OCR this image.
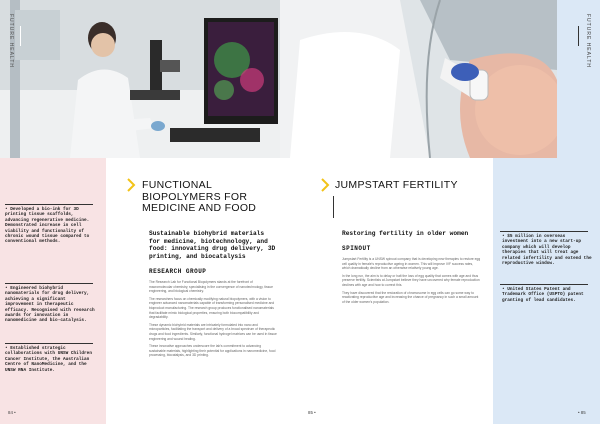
FUTURE HEALTH
FUTURE HEALTH
• Developed a bio-ink for 3D printing tissue scaffolds, advancing regenerative medicine. Demonstrated increase in cell viability and functionality of chronic wound tissue compared to conventional methods.
• Engineered biohybrid nanomaterials for drug delivery, achieving a significant improvement in therapeutic efficacy. Recognised with research awards for innovation in nanomedicine and bio-catalysis.
• Established strategic collaborations with UNSW Children Cancer Institute, the Australian Centre of NanoMedicine, and the UNSW RNA Institute.
• $5 million in overseas investment into a new start-up company which will develop therapies that will treat age related infertility and extend the reproductive window.
• United States Patent and Trademark Office (USPTO) patent granting of lead candidates.
FUNCTIONAL
BIOPOLYMERS FOR
MEDICINE AND FOOD
Sustainable biohybrid materials
for medicine, biotechnology, and
food: innovating drug delivery, 3D
printing, and biocatalysis
RESEARCH GROUP

The Research Lab for Functional Biopolymers stands at the forefront of macromolecular chemistry, specialising in the convergence of nanotechnology, tissue engineering, and biological chemistry.

The researchers focus on chemically modifying natural biopolymers, with a vision to engineer advanced nanomaterials capable of transforming personalised medicine and bioproduct manufacturing. The research group produces functionalised nanomaterials that facilitate mimic biological properties, ensuring both biocompatibility and degradability.

These dynamic biohybrid materials are intricately formulated into nano and microparticles, facilitating the transport and delivery of a broad spectrum of therapeutic drugs and food ingredients. Similarly, functional hydrogel matrices can be used in tissue engineering and wound healing.

These innovative approaches underscore the lab's commitment to advancing sustainable materials, highlighting their potential for applications in nanomedicine, food processing, biocatalysis, and 3D printing.

JUMPSTART FERTILITY
Restoring fertility in older women
SPINOUT

Jumpstart Fertility is a UNSW spinout company that is developing new therapies to restore egg cell quality in female's reproductive ageing in women. This will improve IVF success rates, which dramatically decline from an otherwise relatively young age.

In the long run, the aim is to delay or halt the loss of egg quality that comes with age and thus preserve fertility. Scientists at Jumpstart believe they have uncovered why female reproduction declines with age and how to correct this.

They have discovered that the restoration of chromosome in egg cells can go some way to reactivating reproductive age and increasing the chance of pregnancy in such a small amount of the older women's population.

84 •	85 •	• 85
